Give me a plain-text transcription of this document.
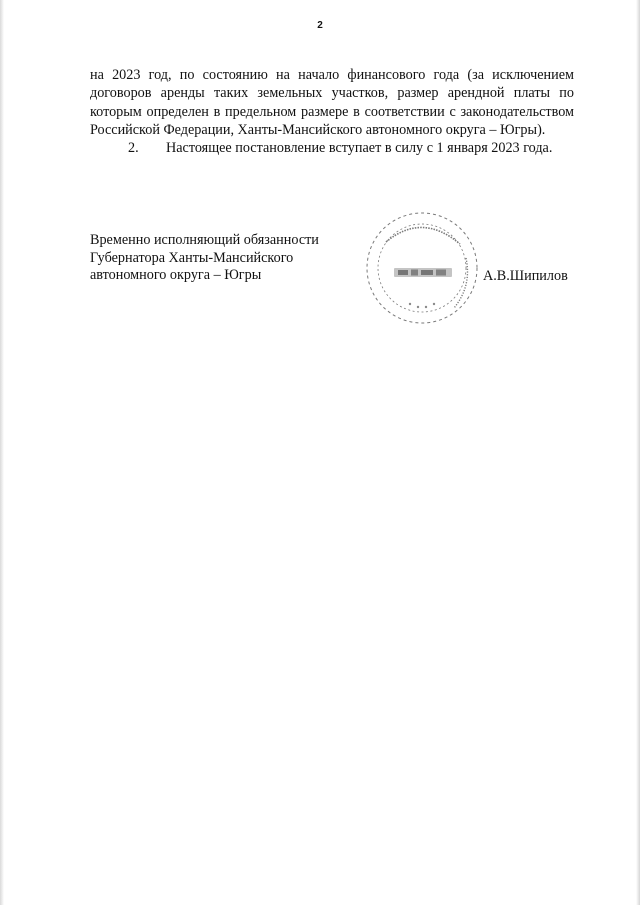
2

на 2023 год, по состоянию на начало финансового года (за исключением договоров аренды таких земельных участков, размер арендной платы по которым определен в предельном размере в соответствии с законодательством Российской Федерации, Ханты-Мансийского автономного округа – Югры).

2. Настоящее постановление вступает в силу с 1 января 2023 года.

Временно исполняющий обязанности
Губернатора Ханты-Мансийского
автономного округа – Югры	А.В.Шипилов
